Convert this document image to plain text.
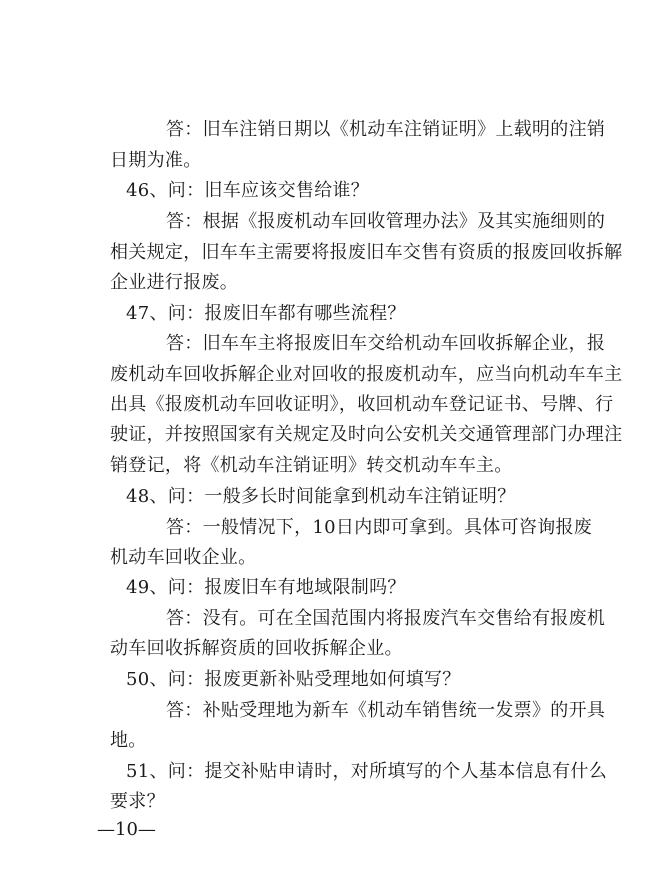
答：旧车注销日期以《机动车注销证明》上载明的注销
日期为准。
46、问：旧车应该交售给谁？
答：根据《报废机动车回收管理办法》及其实施细则的
相关规定，旧车车主需要将报废旧车交售有资质的报废回收拆解
企业进行报废。
47、问：报废旧车都有哪些流程？
答：旧车车主将报废旧车交给机动车回收拆解企业，报
废机动车回收拆解企业对回收的报废机动车，应当向机动车车主
出具《报废机动车回收证明》，收回机动车登记证书、号牌、行
驶证，并按照国家有关规定及时向公安机关交通管理部门办理注
销登记，将《机动车注销证明》转交机动车车主。
48、问：一般多长时间能拿到机动车注销证明？
答：一般情况下，10日内即可拿到。具体可咨询报废
机动车回收企业。
49、问：报废旧车有地域限制吗？
答：没有。可在全国范围内将报废汽车交售给有报废机
动车回收拆解资质的回收拆解企业。
50、问：报废更新补贴受理地如何填写？
答：补贴受理地为新车《机动车销售统一发票》的开具
地。
51、问：提交补贴申请时，对所填写的个人基本信息有什么
要求？
—10—
